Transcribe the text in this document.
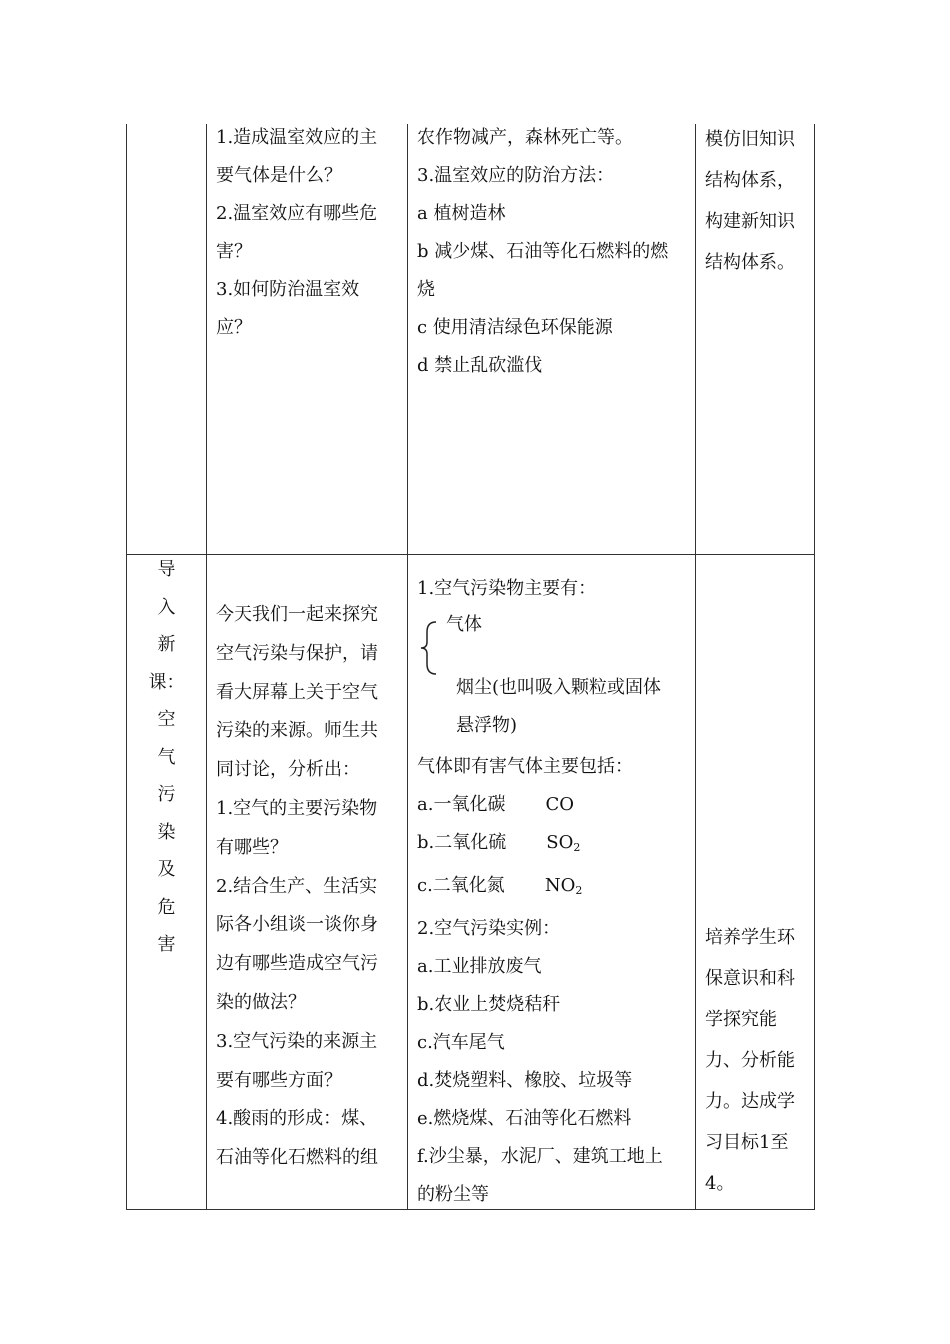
1.造成温室效应的主

要气体是什么？

2.温室效应有哪些危

害？

3.如何防治温室效

应？

农作物减产，森林死亡等。

3.温室效应的防治方法：

a 植树造林

b 减少煤、石油等化石燃料的燃

烧

c 使用清洁绿色环保能源

d 禁止乱砍滥伐

模仿旧知识

结构体系，

构建新知识

结构体系。

导

入

新

课：

空

气

污

染

及

危

害

今天我们一起来探究

空气污染与保护，请

看大屏幕上关于空气

污染的来源。师生共

同讨论，分析出：

1.空气的主要污染物

有哪些？

2.结合生产、生活实

际各小组谈一谈你身

边有哪些造成空气污

染的做法？

3.空气污染的来源主

要有哪些方面？

4.酸雨的形成：煤、

石油等化石燃料的组

1.空气污染物主要有：

气体

烟尘(也叫吸入颗粒或固体

悬浮物)

气体即有害气体主要包括：

a.一氧化碳 CO

b.二氧化硫 $SO_2$

c.二氧化氮 $NO_2$

2.空气污染实例：

a.工业排放废气

b.农业上焚烧秸秆

c.汽车尾气

d.焚烧塑料、橡胶、垃圾等

e.燃烧煤、石油等化石燃料

f.沙尘暴，水泥厂、建筑工地上

的粉尘等

培养学生环

保意识和科

学探究能

力、分析能

力。达成学

习目标1至

4。
